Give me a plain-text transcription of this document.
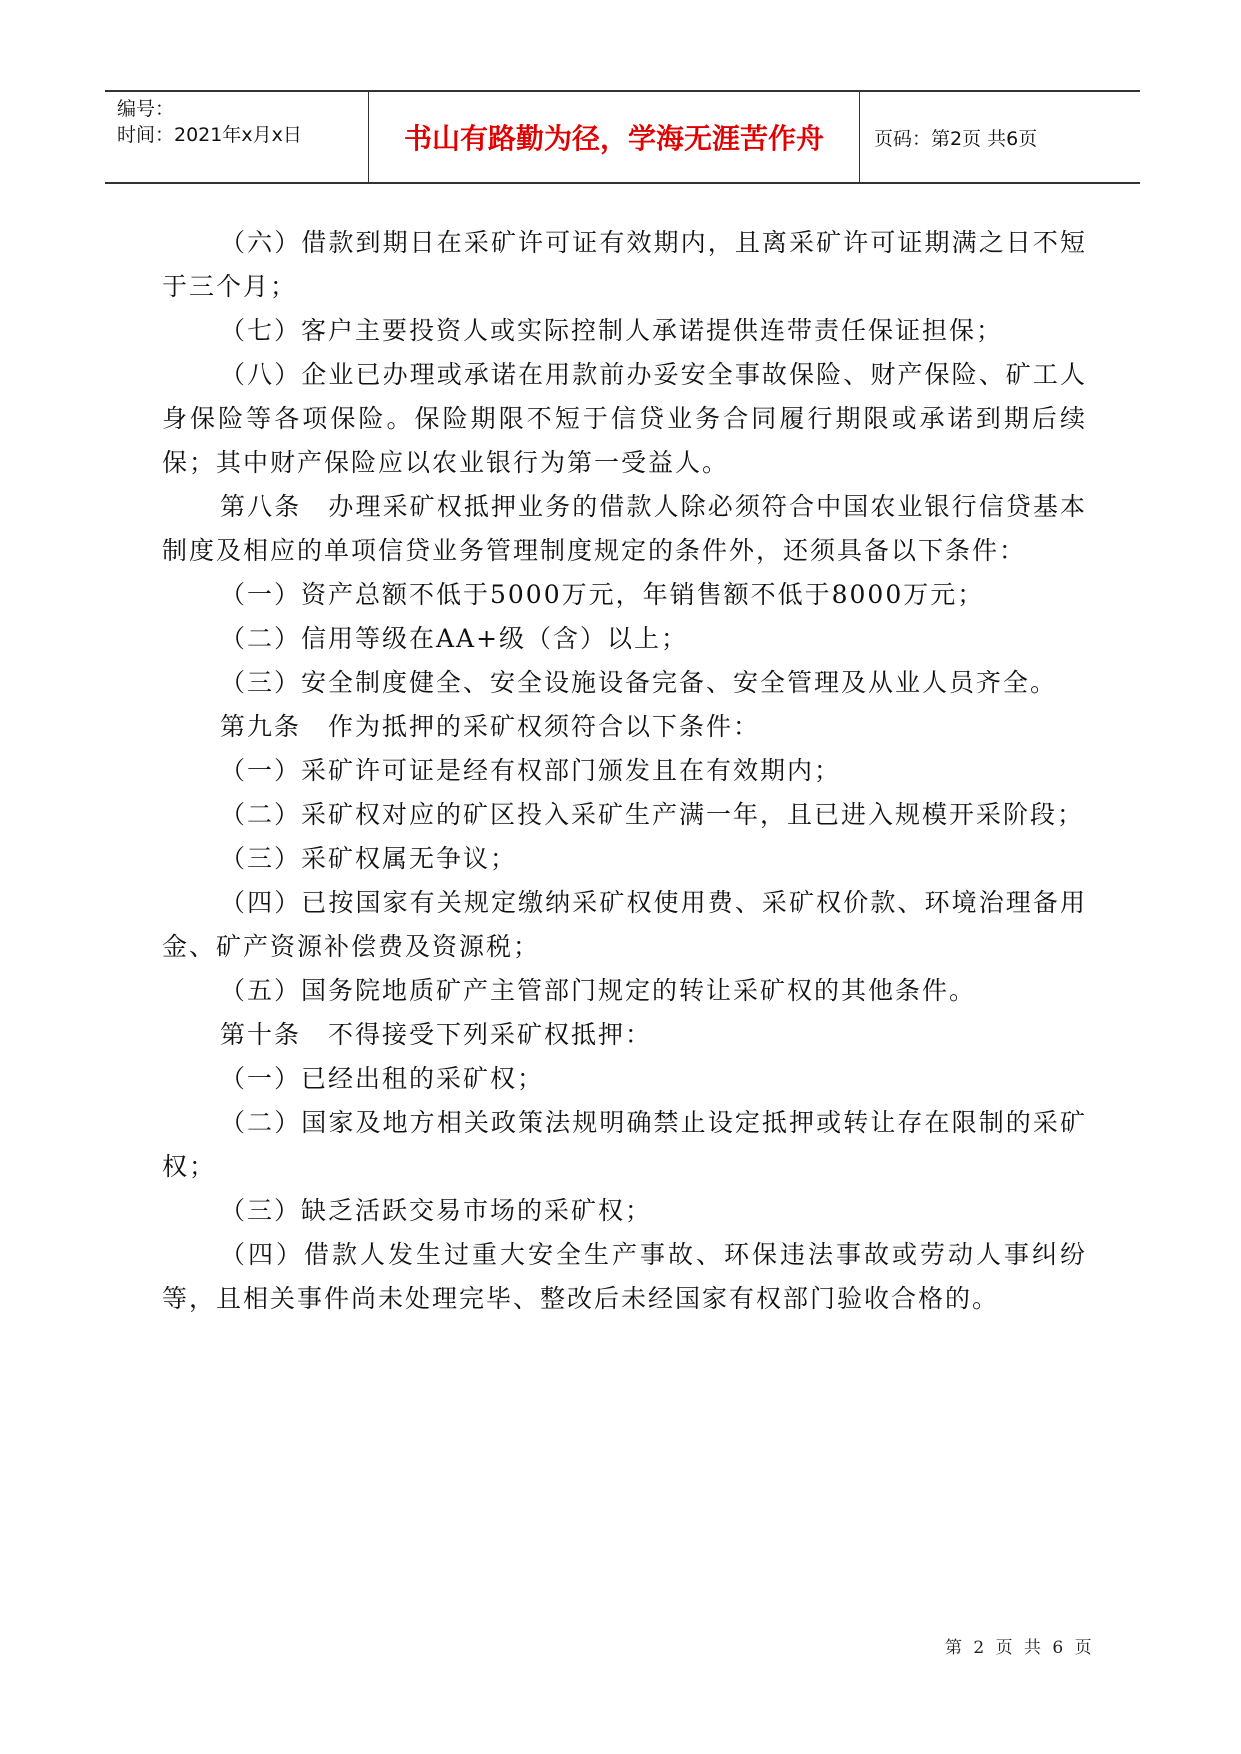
编号：
时间：2021年x月x日	书山有路勤为径，学海无涯苦作舟	页码：第2页 共6页

（六）借款到期日在采矿许可证有效期内，且离采矿许可证期满之日不短于三个月；

（七）客户主要投资人或实际控制人承诺提供连带责任保证担保；

（八）企业已办理或承诺在用款前办妥安全事故保险、财产保险、矿工人身保险等各项保险。保险期限不短于信贷业务合同履行期限或承诺到期后续保；其中财产保险应以农业银行为第一受益人。

第八条　办理采矿权抵押业务的借款人除必须符合中国农业银行信贷基本制度及相应的单项信贷业务管理制度规定的条件外，还须具备以下条件：

（一）资产总额不低于5000万元，年销售额不低于8000万元；

（二）信用等级在AA+级（含）以上；

（三）安全制度健全、安全设施设备完备、安全管理及从业人员齐全。

第九条　作为抵押的采矿权须符合以下条件：

（一）采矿许可证是经有权部门颁发且在有效期内；

（二）采矿权对应的矿区投入采矿生产满一年，且已进入规模开采阶段；

（三）采矿权属无争议；

（四）已按国家有关规定缴纳采矿权使用费、采矿权价款、环境治理备用金、矿产资源补偿费及资源税；

（五）国务院地质矿产主管部门规定的转让采矿权的其他条件。

第十条　不得接受下列采矿权抵押：

（一）已经出租的采矿权；

（二）国家及地方相关政策法规明确禁止设定抵押或转让存在限制的采矿权；

（三）缺乏活跃交易市场的采矿权；

（四）借款人发生过重大安全生产事故、环保违法事故或劳动人事纠纷等，且相关事件尚未处理完毕、整改后未经国家有权部门验收合格的。

第 2 页 共 6 页
